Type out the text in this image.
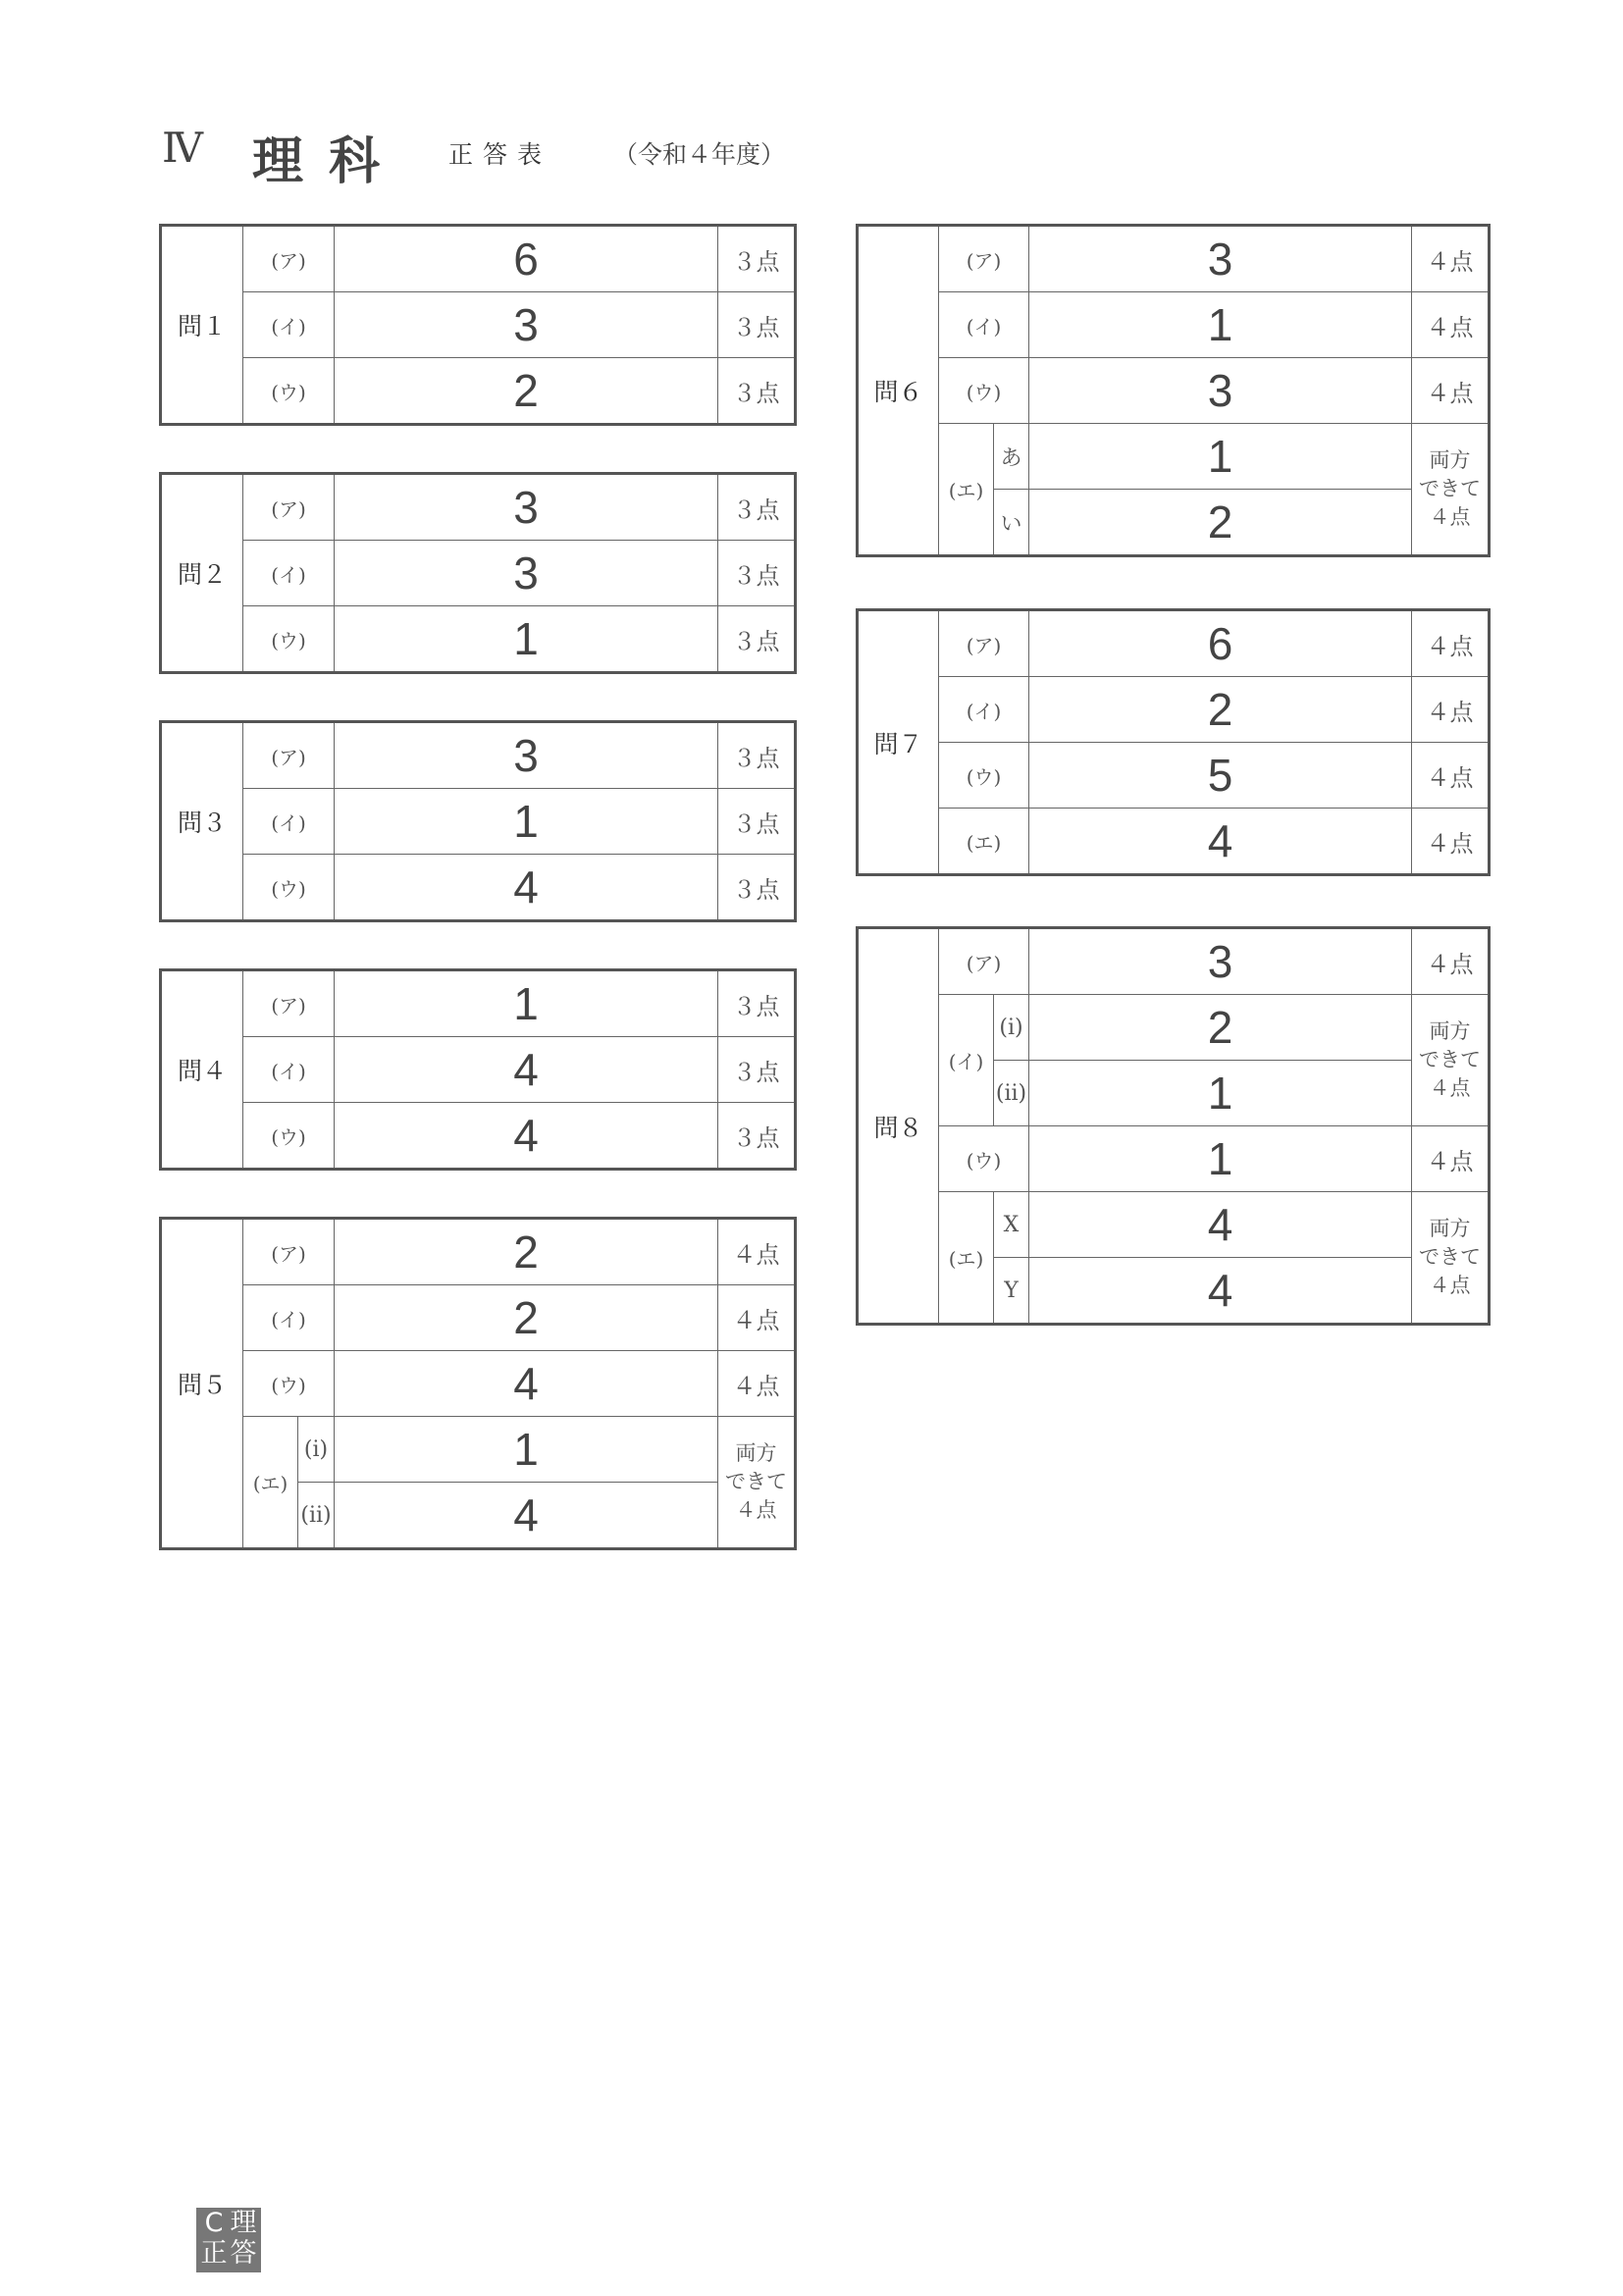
Ⅳ 理科 正答表	（令和４年度）
問１	(ア)	6	３点
	(イ)	3	３点
	(ウ)	2	３点
問２	(ア)	3	３点
	(イ)	3	３点
	(ウ)	1	３点
問３	(ア)	3	３点
	(イ)	1	３点
	(ウ)	4	３点
問４	(ア)	1	３点
	(イ)	4	３点
	(ウ)	4	３点
問５	(ア)		2	４点
	(イ)		2	４点
	(ウ)		4	４点
	(エ)	(ⅰ)	1	両方
できて
４点

		(ⅱ)	4	
問６	(ア)		3	４点
	(イ)		1	４点
	(ウ)		3	４点
	(エ)	あ	1	両方
できて
４点

		い	2	
問７	(ア)	6	４点
	(イ)	2	４点
	(ウ)	5	４点
	(エ)	4	４点
問８	(ア)		3	４点
	(イ)	(ⅰ)	2	両方
できて
４点

		(ⅱ)	1	
	(ウ)		1	４点
	(エ)	X	4	両方
できて
４点

		Y	4	
C 理
正 答
